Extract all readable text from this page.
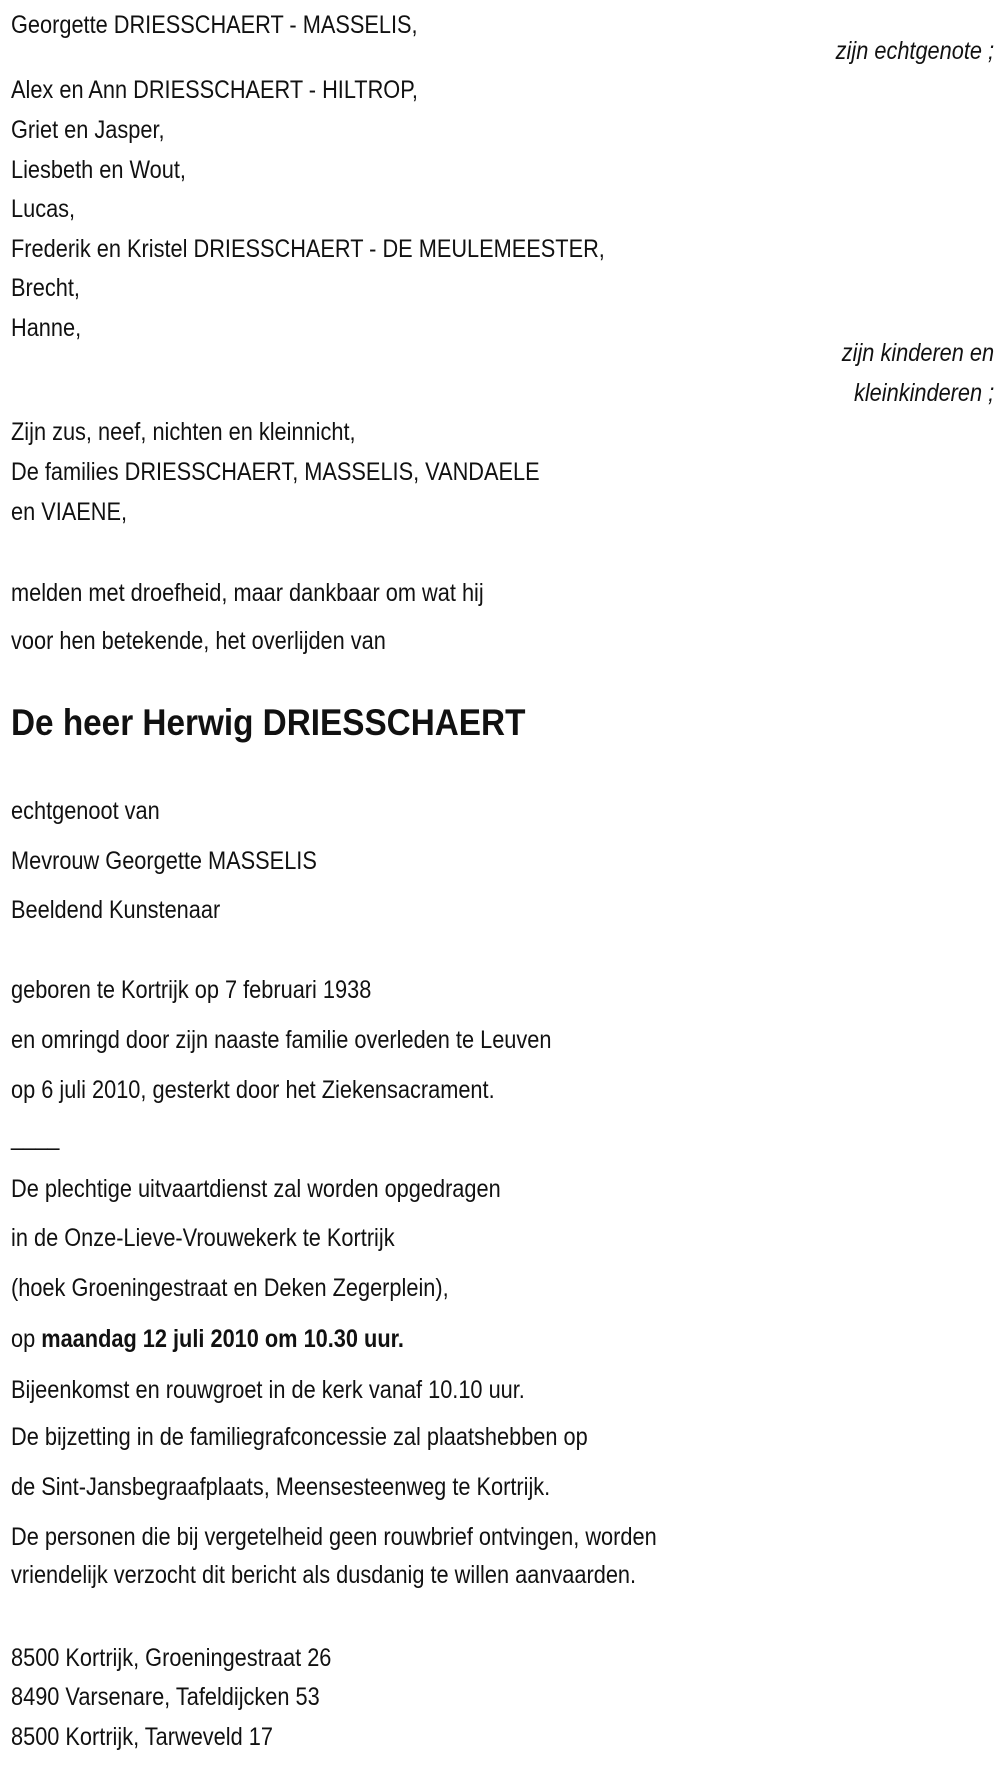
Georgette DRIESSCHAERT - MASSELIS,
zijn echtgenote ;
Alex en Ann DRIESSCHAERT - HILTROP,
Griet en Jasper,
Liesbeth en Wout,
Lucas,
Frederik en Kristel DRIESSCHAERT - DE MEULEMEESTER,
Brecht,
Hanne,
zijn kinderen en
kleinkinderen ;
Zijn zus, neef, nichten en kleinnicht,
De families DRIESSCHAERT, MASSELIS, VANDAELE
en VIAENE,
melden met droefheid, maar dankbaar om wat hij
voor hen betekende, het overlijden van
De heer Herwig DRIESSCHAERT
echtgenoot van
Mevrouw Georgette MASSELIS
Beeldend Kunstenaar
geboren te Kortrijk op 7 februari 1938
en omringd door zijn naaste familie overleden te Leuven
op 6 juli 2010, gesterkt door het Ziekensacrament.
____
De plechtige uitvaartdienst zal worden opgedragen
in de Onze-Lieve-Vrouwekerk te Kortrijk
(hoek Groeningestraat en Deken Zegerplein),
op maandag 12 juli 2010 om 10.30 uur.
Bijeenkomst en rouwgroet in de kerk vanaf 10.10 uur.
De bijzetting in de familiegrafconcessie zal plaatshebben op
de Sint-Jansbegraafplaats, Meensesteenweg te Kortrijk.
De personen die bij vergetelheid geen rouwbrief ontvingen, worden
vriendelijk verzocht dit bericht als dusdanig te willen aanvaarden.
8500 Kortrijk, Groeningestraat 26
8490 Varsenare, Tafeldijcken 53
8500 Kortrijk, Tarweveld 17
